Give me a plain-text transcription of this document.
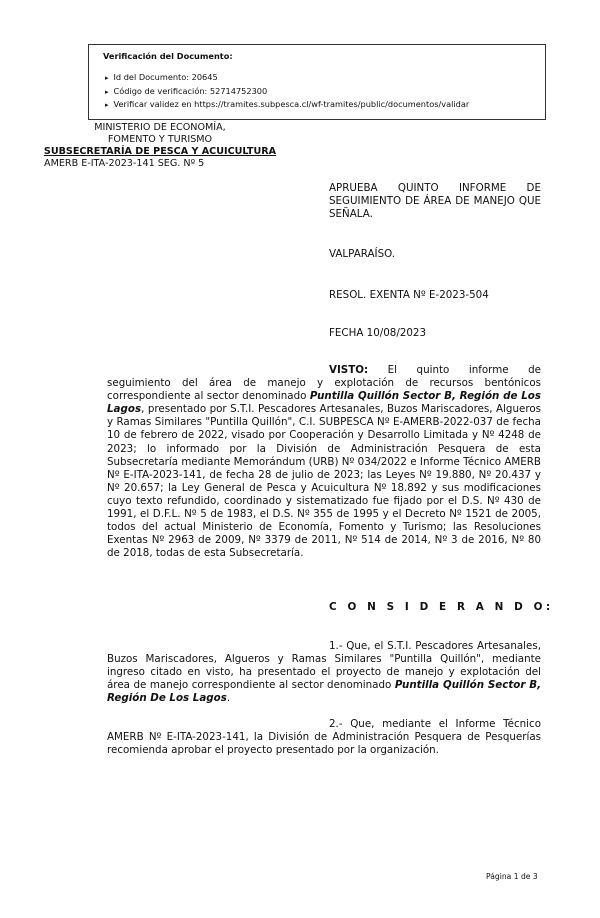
Verificación del Documento:
▸ Id del Documento: 20645
▸ Código de verificación: 52714752300
▸ Verificar validez en https://tramites.subpesca.cl/wf-tramites/public/documentos/validar
MINISTERIO DE ECONOMÍA,
FOMENTO Y TURISMO
SUBSECRETARÍA DE PESCA Y ACUICULTURA
AMERB E-ITA-2023-141 SEG. Nº 5
APRUEBA QUINTO INFORME DE SEGUIMIENTO DE ÁREA DE MANEJO QUE SEÑALA.
VALPARAÍSO.
RESOL. EXENTA Nº E-2023-504
FECHA 10/08/2023

VISTO: El quinto informe de seguimiento del área de manejo y explotación de recursos bentónicos correspondiente al sector denominado Puntilla Quillón Sector B, Región de Los Lagos, presentado por S.T.I. Pescadores Artesanales, Buzos Mariscadores, Algueros y Ramas Similares "Puntilla Quillón", C.I. SUBPESCA Nº E-AMERB-2022-037 de fecha 10 de febrero de 2022, visado por Cooperación y Desarrollo Limitada y Nº 4248 de 2023; lo informado por la División de Administración Pesquera de esta Subsecretaría mediante Memorándum (URB) Nº 034/2022 e Informe Técnico AMERB Nº E-ITA-2023-141, de fecha 28 de julio de 2023; las Leyes Nº 19.880, Nº 20.437 y Nº 20.657; la Ley General de Pesca y Acuicultura Nº 18.892 y sus modificaciones cuyo texto refundido, coordinado y sistematizado fue fijado por el D.S. Nº 430 de 1991, el D.F.L. Nº 5 de 1983, el D.S. Nº 355 de 1995 y el Decreto Nº 1521 de 2005, todos del actual Ministerio de Economía, Fomento y Turismo; las Resoluciones Exentas Nº 2963 de 2009, Nº 3379 de 2011, Nº 514 de 2014, Nº 3 de 2016, Nº 80 de 2018, todas de esta Subsecretaría.

C O N S I D E R A N D O:

1.- Que, el S.T.I. Pescadores Artesanales, Buzos Mariscadores, Algueros y Ramas Similares "Puntilla Quillón", mediante ingreso citado en visto, ha presentado el proyecto de manejo y explotación del área de manejo correspondiente al sector denominado Puntilla Quillón Sector B, Región De Los Lagos.

2.- Que, mediante el Informe Técnico AMERB Nº E-ITA-2023-141, la División de Administración Pesquera de Pesquerías recomienda aprobar el proyecto presentado por la organización.

Página 1 de 3
